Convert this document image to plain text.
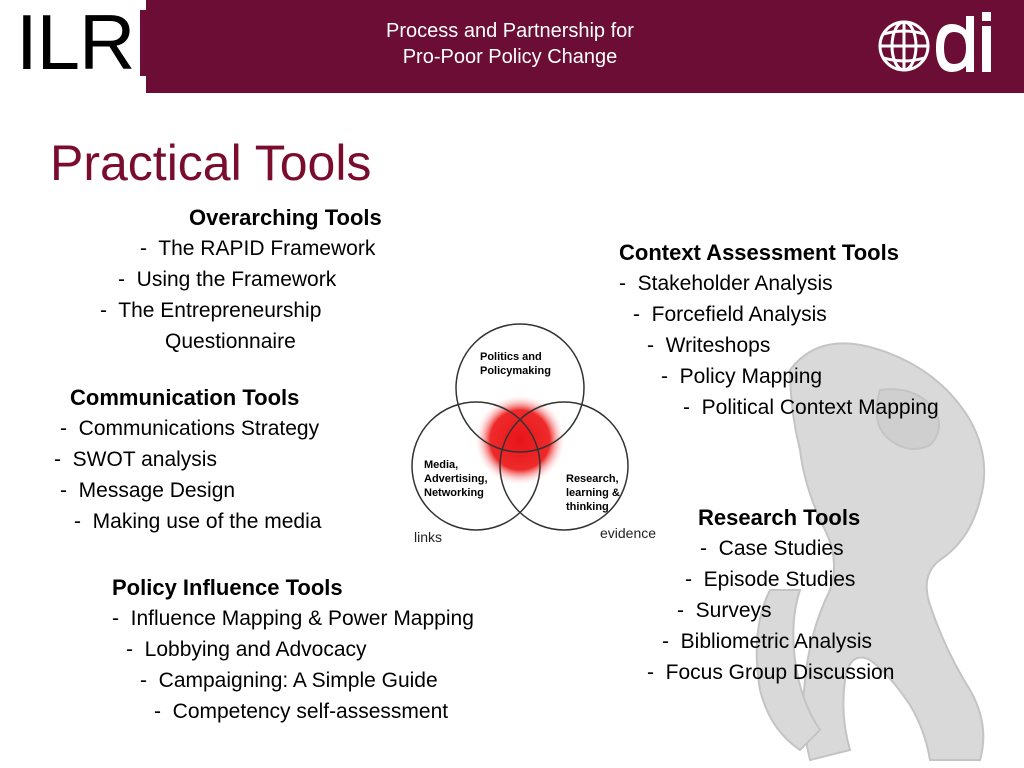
ILR	Process and Partnership for
Pro-Poor Policy Change
Practical Tools
Politics and
Policymaking
Media,
Advertising,
Networking
Research,
learning &
thinking
links	evidence
Overarching Tools
-  The RAPID Framework
-  Using the Framework
-  The Entrepreneurship
Questionnaire
Communication Tools
-  Communications Strategy
-  SWOT analysis
-  Message Design
-  Making use of the media
Policy Influence Tools
-  Influence Mapping & Power Mapping
-  Lobbying and Advocacy
-  Campaigning: A Simple Guide
-  Competency self-assessment
Context Assessment Tools
-  Stakeholder Analysis
-  Forcefield Analysis
-  Writeshops
-  Policy Mapping
-  Political Context Mapping
Research Tools
-  Case Studies
-  Episode Studies
-  Surveys
-  Bibliometric Analysis
-  Focus Group Discussion
